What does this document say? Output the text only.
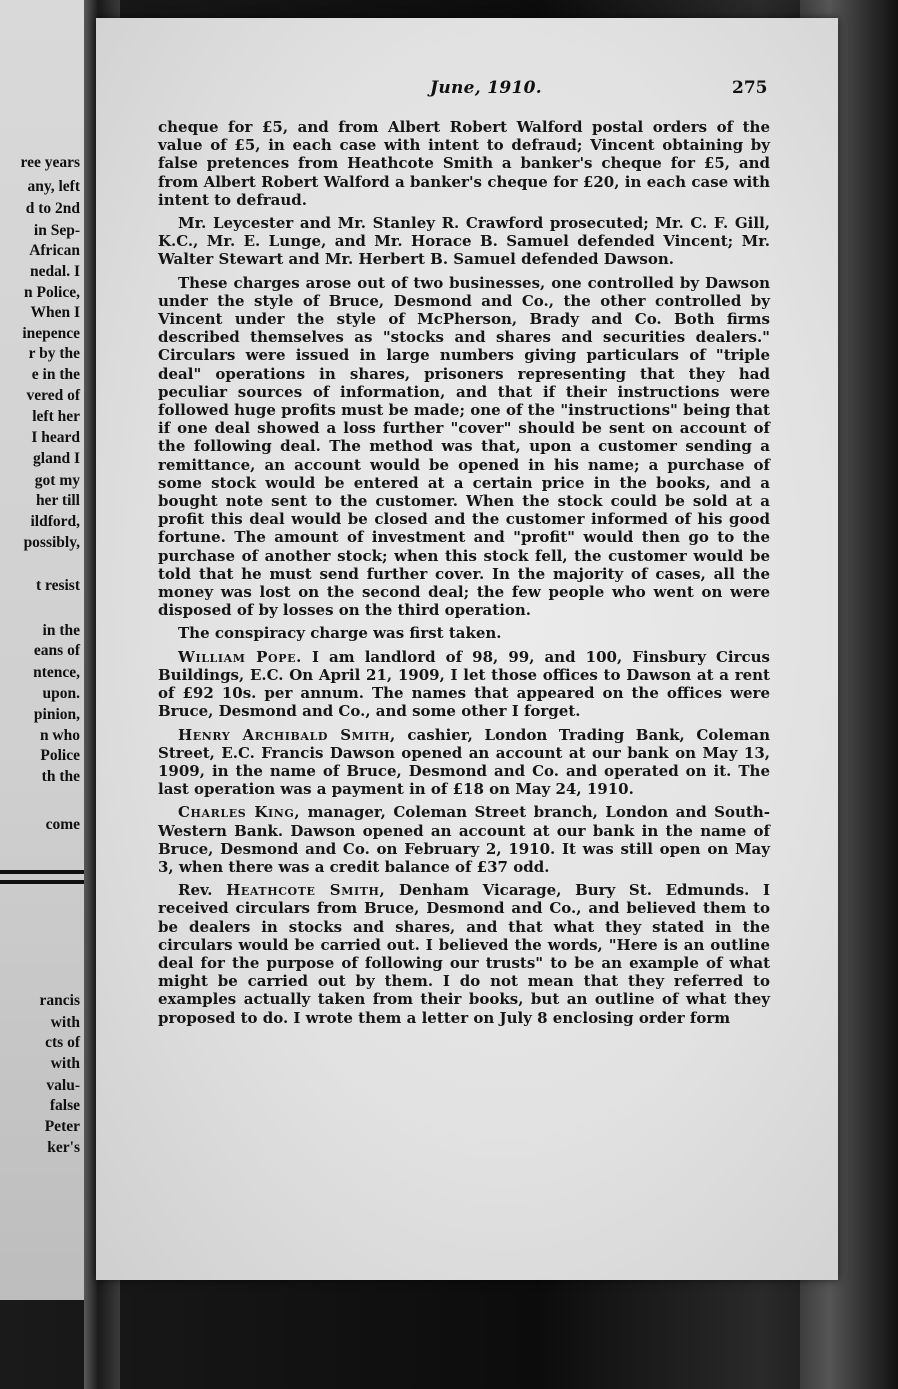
ree years
any, left
d to 2nd
in Sep-
African
nedal. I
n Police,
When I
inepence
r by the
e in the
vered of
left her
I heard
gland I
got my
her till
ildford,
possibly,
t resist
in the
eans of
ntence,
upon.
pinion,
n who
Police
th the
come
rancis
with
cts of
with
valu-
false
Peter
ker's
June, 1910.	275

cheque for £5, and from Albert Robert Walford postal orders of the value of £5, in each case with intent to defraud; Vincent obtaining by false pretences from Heathcote Smith a banker's cheque for £5, and from Albert Robert Walford a banker's cheque for £20, in each case with intent to defraud.

Mr. Leycester and Mr. Stanley R. Crawford prosecuted; Mr. C. F. Gill, K.C., Mr. E. Lunge, and Mr. Horace B. Samuel defended Vincent; Mr. Walter Stewart and Mr. Herbert B. Samuel defended Dawson.

These charges arose out of two businesses, one controlled by Dawson under the style of Bruce, Desmond and Co., the other controlled by Vincent under the style of McPherson, Brady and Co. Both firms described themselves as "stocks and shares and securities dealers." Circulars were issued in large numbers giving particulars of "triple deal" operations in shares, prisoners representing that they had peculiar sources of information, and that if their instructions were followed huge profits must be made; one of the "instructions" being that if one deal showed a loss further "cover" should be sent on account of the following deal. The method was that, upon a customer sending a remittance, an account would be opened in his name; a purchase of some stock would be entered at a certain price in the books, and a bought note sent to the customer. When the stock could be sold at a profit this deal would be closed and the customer informed of his good fortune. The amount of investment and "profit" would then go to the purchase of another stock; when this stock fell, the customer would be told that he must send further cover. In the majority of cases, all the money was lost on the second deal; the few people who went on were disposed of by losses on the third operation.

The conspiracy charge was first taken.

William Pope. I am landlord of 98, 99, and 100, Finsbury Circus Buildings, E.C. On April 21, 1909, I let those offices to Dawson at a rent of £92 10s. per annum. The names that appeared on the offices were Bruce, Desmond and Co., and some other I forget.

Henry Archibald Smith, cashier, London Trading Bank, Coleman Street, E.C. Francis Dawson opened an account at our bank on May 13, 1909, in the name of Bruce, Desmond and Co. and operated on it. The last operation was a payment in of £18 on May 24, 1910.

Charles King, manager, Coleman Street branch, London and South-Western Bank. Dawson opened an account at our bank in the name of Bruce, Desmond and Co. on February 2, 1910. It was still open on May 3, when there was a credit balance of £37 odd.

Rev. Heathcote Smith, Denham Vicarage, Bury St. Edmunds. I received circulars from Bruce, Desmond and Co., and believed them to be dealers in stocks and shares, and that what they stated in the circulars would be carried out. I believed the words, "Here is an outline deal for the purpose of following our trusts" to be an example of what might be carried out by them. I do not mean that they referred to examples actually taken from their books, but an outline of what they proposed to do. I wrote them a letter on July 8 enclosing order form
